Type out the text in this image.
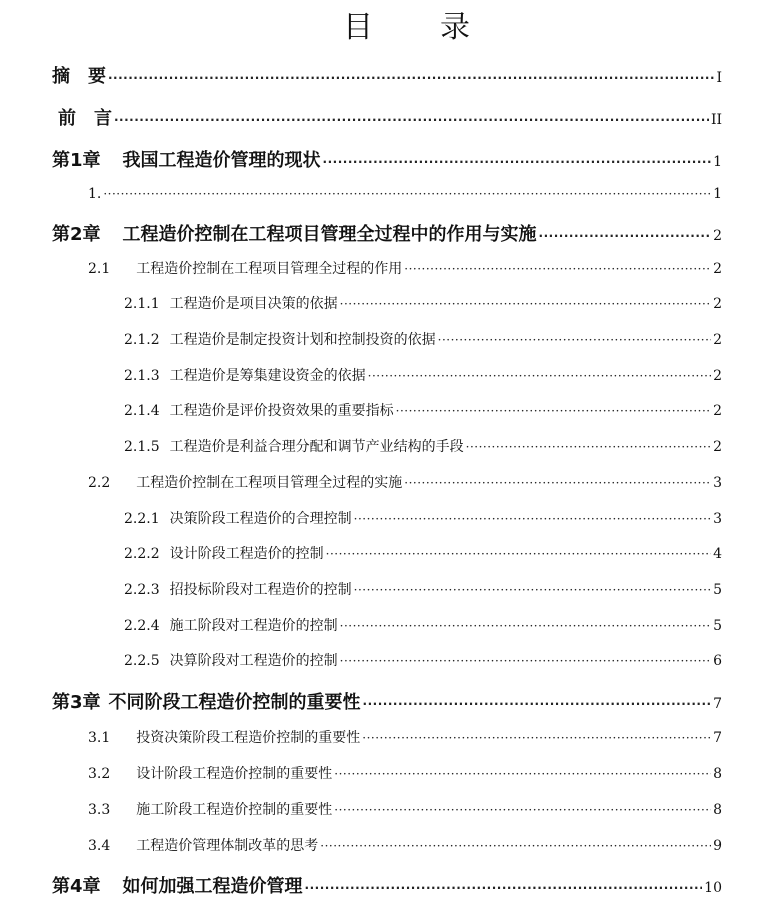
目 录
摘　要 ·····	I
前　言 ·····	II
第1章 我国工程造价管理的现状 ·····	1
1. ·····	1
第2章 工程造价控制在工程项目管理全过程中的作用与实施 ·····	2
2.1 工程造价控制在工程项目管理全过程的作用 ·····	2
2.1.1 工程造价是项目决策的依据 ·····	2
2.1.2 工程造价是制定投资计划和控制投资的依据 ·····	2
2.1.3 工程造价是筹集建设资金的依据 ·····	2
2.1.4 工程造价是评价投资效果的重要指标 ·····	2
2.1.5 工程造价是利益合理分配和调节产业结构的手段 ·····	2
2.2 工程造价控制在工程项目管理全过程的实施 ·····	3
2.2.1 决策阶段工程造价的合理控制 ·····	3
2.2.2 设计阶段工程造价的控制 ·····	4
2.2.3 招投标阶段对工程造价的控制 ·····	5
2.2.4 施工阶段对工程造价的控制 ·····	5
2.2.5 决算阶段对工程造价的控制 ·····	6
第3章 不同阶段工程造价控制的重要性 ·····	7
3.1 投资决策阶段工程造价控制的重要性 ·····	7
3.2 设计阶段工程造价控制的重要性 ·····	8
3.3 施工阶段工程造价控制的重要性 ·····	8
3.4 工程造价管理体制改革的思考 ·····	9
第4章 如何加强工程造价管理 ·····	10
